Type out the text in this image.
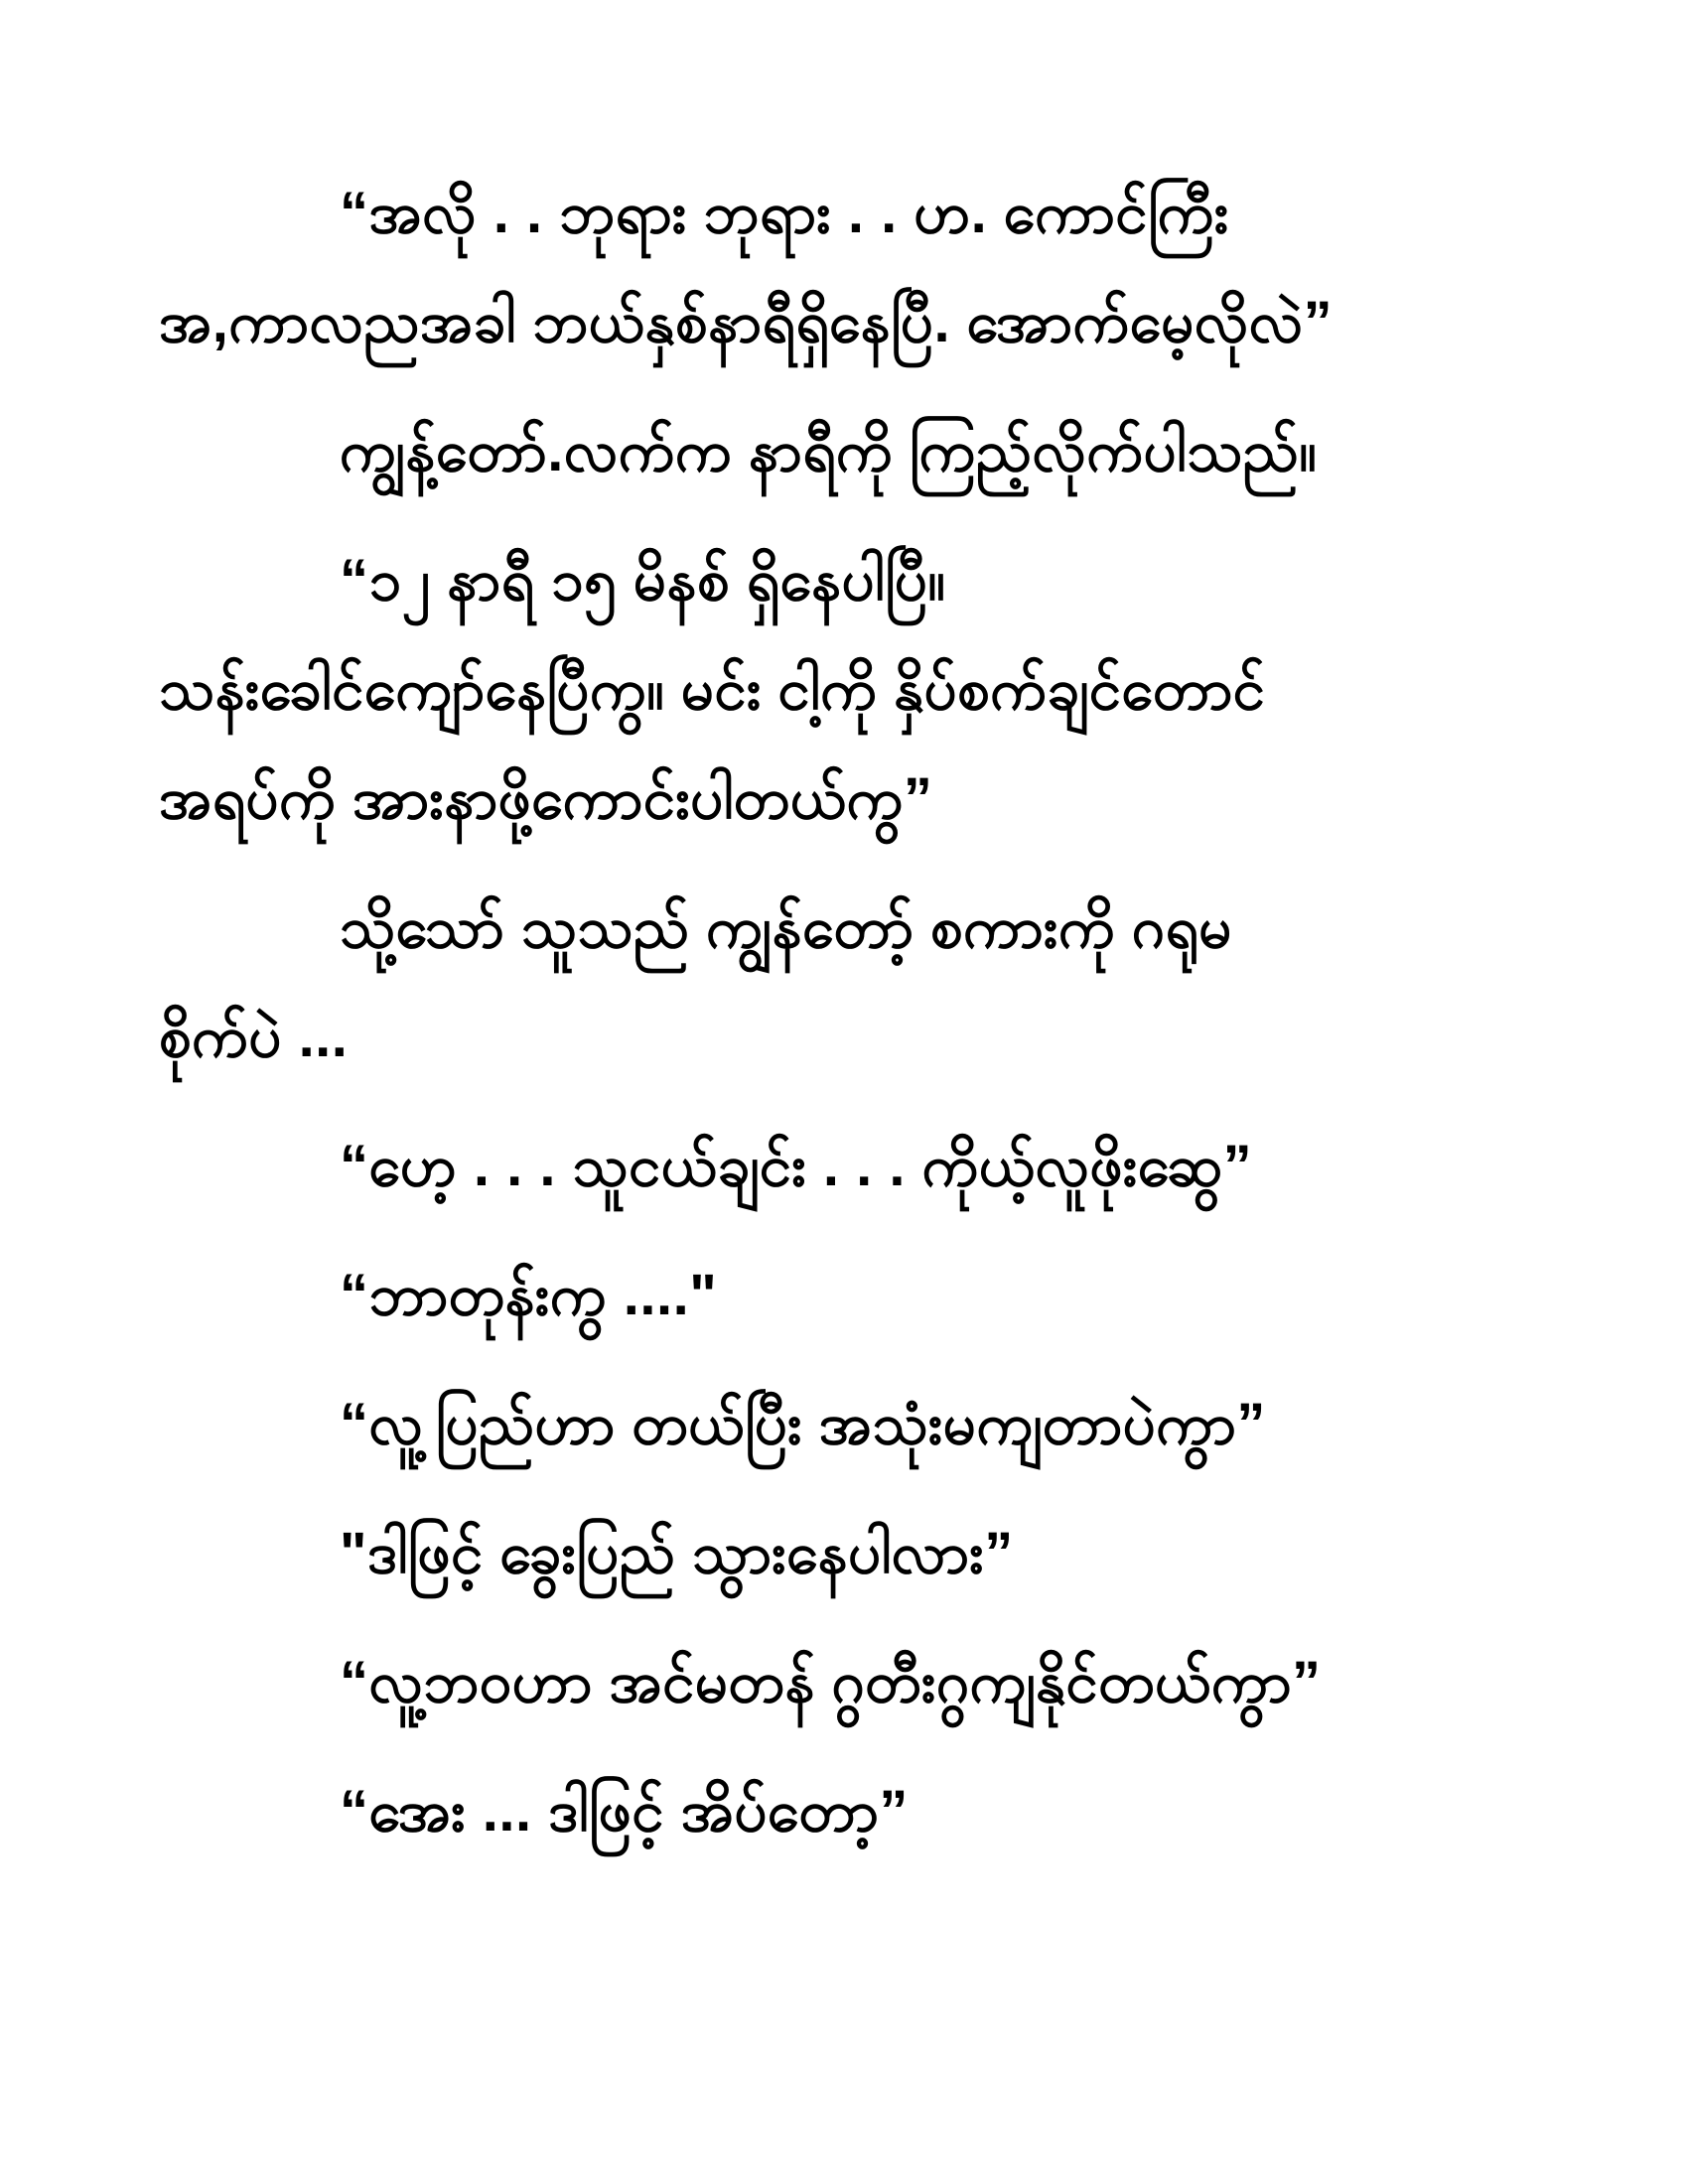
“အလို . . ဘုရား ဘုရား . . ဟ. ကောင်ကြီး
အ,ကာလညအခါ ဘယ်နှစ်နာရီရှိနေပြီ. အောက်မေ့လိုလဲ”
ကျွန့်တော်.လက်က နာရီကို ကြည့်လိုက်ပါသည်။
“၁၂ နာရီ ၁၅ မိနစ် ရှိနေပါပြီ။
သန်းခေါင်ကျော်နေပြီကွ။ မင်း ငါ့ကို နှိပ်စက်ချင်တောင်
အရပ်ကို အားနာဖို့ကောင်းပါတယ်ကွ”
သို့သော် သူသည် ကျွန်တော့် စကားကို ဂရုမ
စိုက်ပဲ ...
“ဟေ့ . . . သူငယ်ချင်း . . . ကိုယ့်လူဖိုးဆွေ”
“ဘာတုန်းကွ ...."
“လူ့ပြည်ဟာ တယ်ပြီး အသုံးမကျတာပဲကွာ”
"ဒါဖြင့် ခွေးပြည် သွားနေပါလား”
“လူ့ဘဝဟာ အင်မတန် ဂွတီးဂွကျနိုင်တယ်ကွာ”
“အေး ... ဒါဖြင့် အိပ်တော့”
